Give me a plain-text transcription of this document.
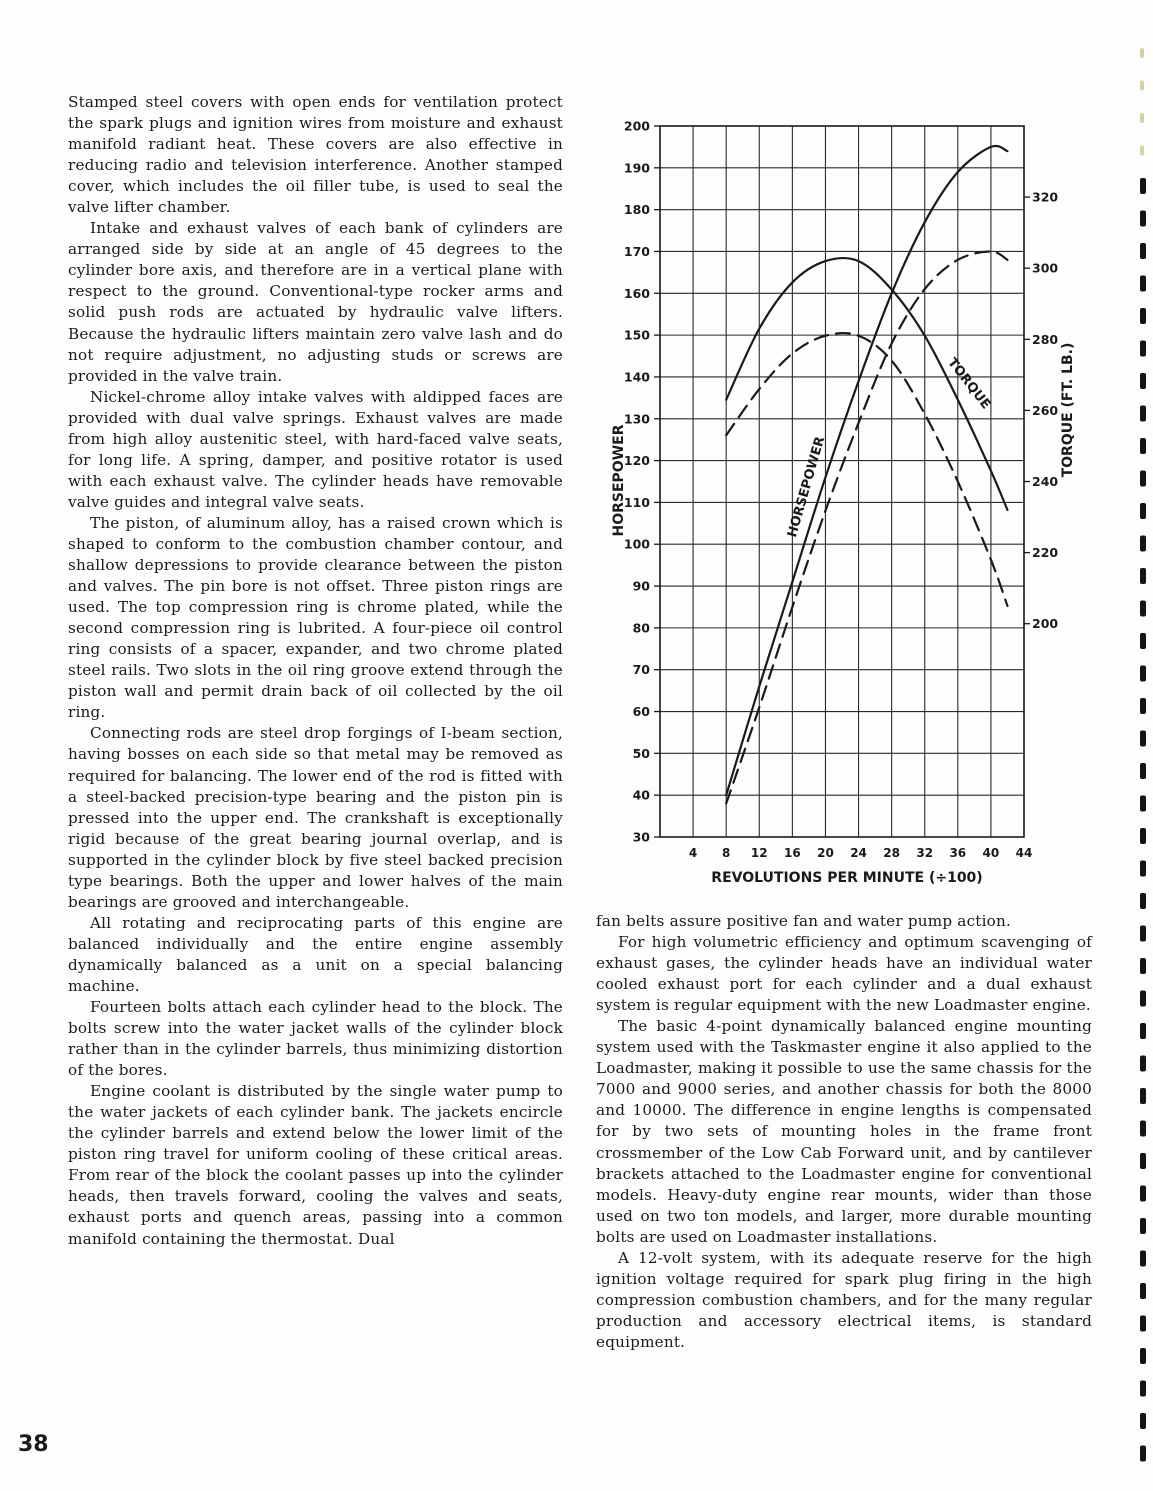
Stamped steel covers with open ends for ventilation protect the spark plugs and ignition wires from moisture and exhaust manifold radiant heat. These covers are also effective in reducing radio and television interference. Another stamped cover, which includes the oil filler tube, is used to seal the valve lifter chamber.

Intake and exhaust valves of each bank of cylinders are arranged side by side at an angle of 45 degrees to the cylinder bore axis, and therefore are in a vertical plane with respect to the ground. Conventional-type rocker arms and solid push rods are actuated by hydraulic valve lifters. Because the hydraulic lifters maintain zero valve lash and do not require adjustment, no adjusting studs or screws are provided in the valve train.

Nickel-chrome alloy intake valves with aldipped faces are provided with dual valve springs. Exhaust valves are made from high alloy austenitic steel, with hard-faced valve seats, for long life. A spring, damper, and positive rotator is used with each exhaust valve. The cylinder heads have removable valve guides and integral valve seats.

The piston, of aluminum alloy, has a raised crown which is shaped to conform to the combustion chamber contour, and shallow depressions to provide clearance between the piston and valves. The pin bore is not offset. Three piston rings are used. The top compression ring is chrome plated, while the second compression ring is lubrited. A four-piece oil control ring consists of a spacer, expander, and two chrome plated steel rails. Two slots in the oil ring groove extend through the piston wall and permit drain back of oil collected by the oil ring.

Connecting rods are steel drop forgings of I-beam section, having bosses on each side so that metal may be removed as required for balancing. The lower end of the rod is fitted with a steel-backed precision-type bearing and the piston pin is pressed into the upper end. The crankshaft is exceptionally rigid because of the great bearing journal overlap, and is supported in the cylinder block by five steel backed precision type bearings. Both the upper and lower halves of the main bearings are grooved and interchangeable.

All rotating and reciprocating parts of this engine are balanced individually and the entire engine assembly dynamically balanced as a unit on a special balancing machine.

Fourteen bolts attach each cylinder head to the block. The bolts screw into the water jacket walls of the cylinder block rather than in the cylinder barrels, thus minimizing distortion of the bores.

Engine coolant is distributed by the single water pump to the water jackets of each cylinder bank. The jackets encircle the cylinder barrels and extend below the lower limit of the piston ring travel for uniform cooling of these critical areas. From rear of the block the coolant passes up into the cylinder heads, then travels forward, cooling the valves and seats, exhaust ports and quench areas, passing into a common manifold containing the thermostat. Dual

fan belts assure positive fan and water pump action.

For high volumetric efficiency and optimum scavenging of exhaust gases, the cylinder heads have an individual water cooled exhaust port for each cylinder and a dual exhaust system is regular equipment with the new Loadmaster engine.

The basic 4-point dynamically balanced engine mounting system used with the Taskmaster engine it also applied to the Loadmaster, making it possible to use the same chassis for the 7000 and 9000 series, and another chassis for both the 8000 and 10000. The difference in engine lengths is compensated for by two sets of mounting holes in the frame front crossmember of the Low Cab Forward unit, and by cantilever brackets attached to the Loadmaster engine for conventional models. Heavy-duty engine rear mounts, wider than those used on two ton models, and larger, more durable mounting bolts are used on Loadmaster installations.

A 12-volt system, with its adequate reserve for the high ignition voltage required for spark plug firing in the high compression combustion chambers, and for the many regular production and accessory electrical items, is standard equipment.

4 8 12 16 20 24 28 32 36 40 44
30
40
50
60
70
80
90
100
110
120
130
140
150
160
170
180
190
200
200
220
240
260
280
300
320
REVOLUTIONS PER MINUTE (÷100)
HORSEPOWER
TORQUE (FT. LB.)
TORQUE
HORSEPOWER
38
